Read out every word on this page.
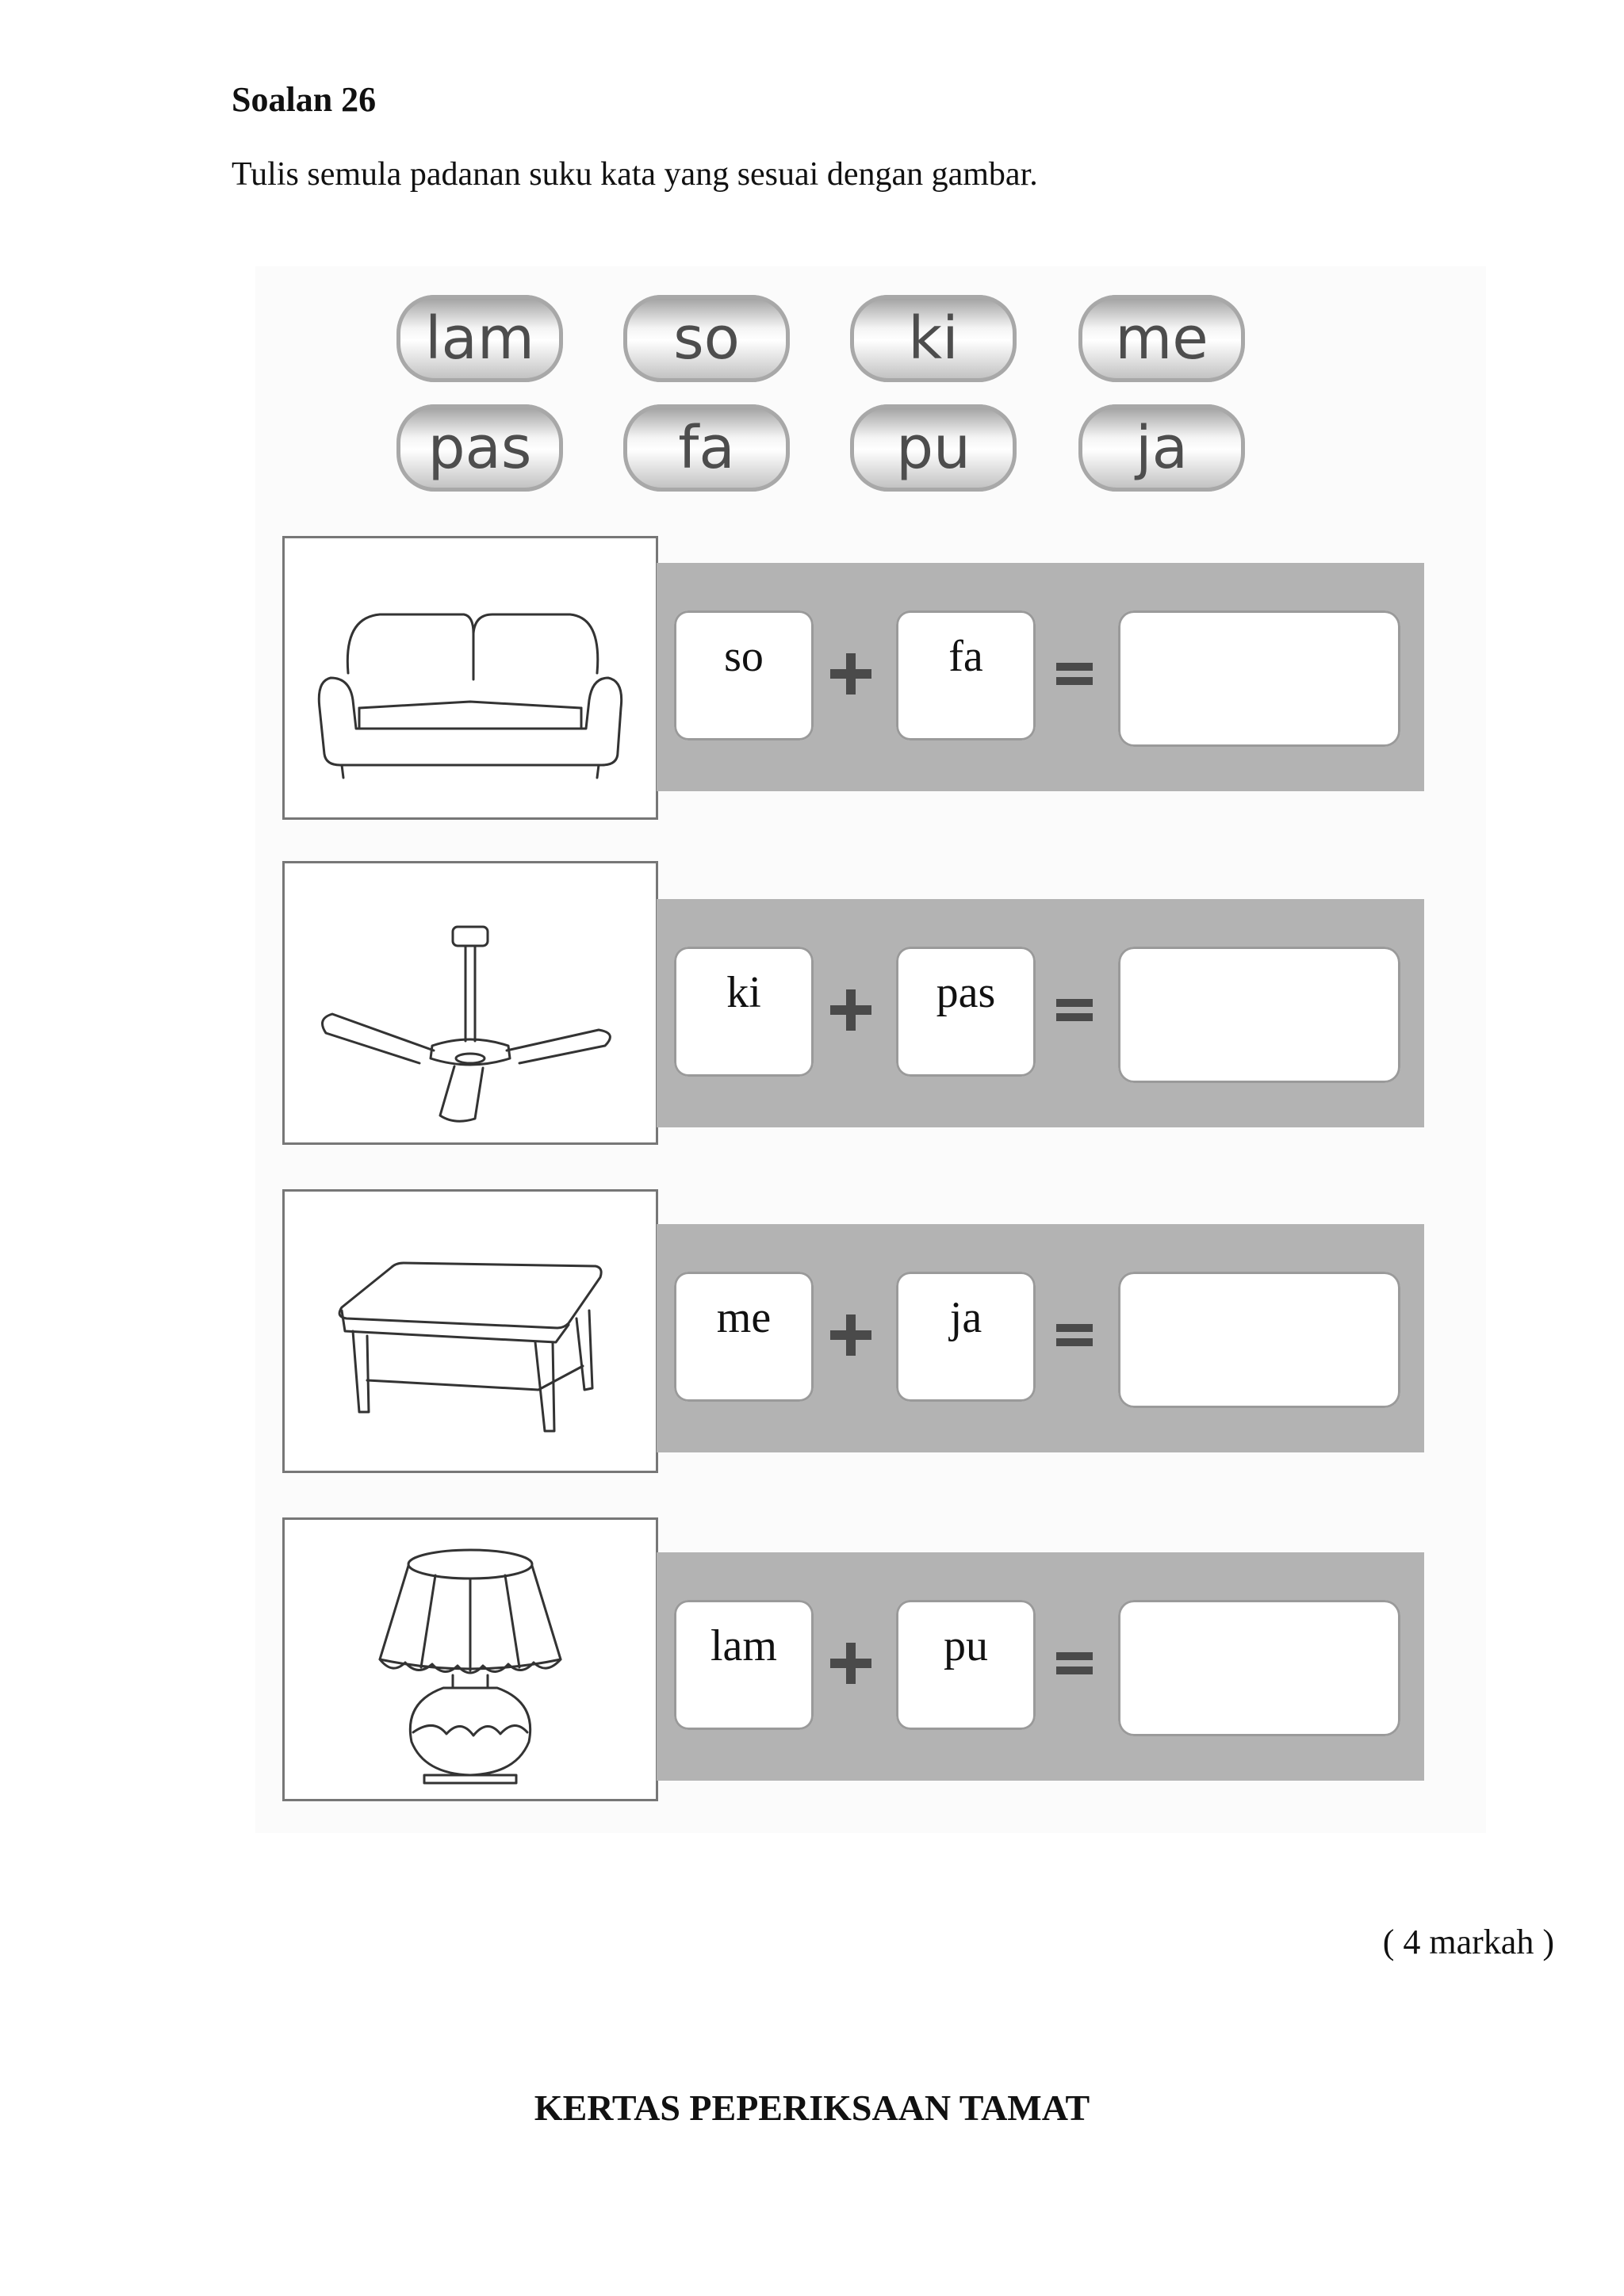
Soalan 26
Tulis semula padanan suku kata yang sesuai dengan gambar.
lam	so	ki	me
pas	fa	pu	ja
so	fa
ki	pas
me	ja
lam	pu
( 4 markah )
KERTAS PEPERIKSAAN TAMAT
